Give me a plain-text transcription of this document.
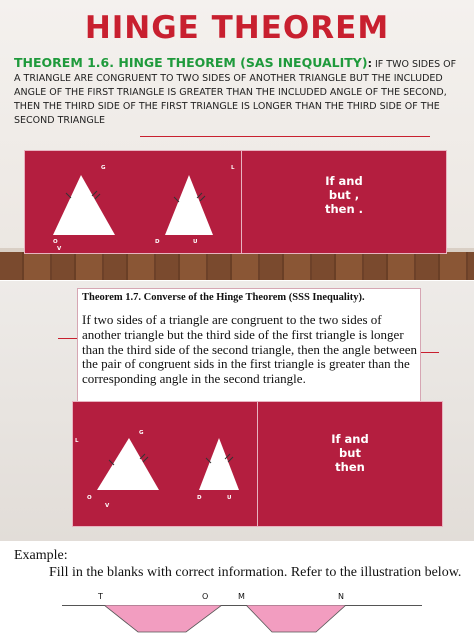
HINGE THEOREM
THEOREM 1.6. HINGE THEOREM (SAS INEQUALITY): IF TWO SIDES OF A TRIANGLE ARE CONGRUENT TO TWO SIDES OF ANOTHER TRIANGLE BUT THE INCLUDED ANGLE OF THE FIRST TRIANGLE IS GREATER THAN THE INCLUDED ANGLE OF THE SECOND, THEN THE THIRD SIDE OF THE FIRST TRIANGLE IS LONGER THAN THE THIRD SIDE OF THE SECOND TRIANGLE
G	L
O
V
D	U
If and
but ,
then .
Theorem 1.7. Converse of the Hinge Theorem (SSS Inequality).
If two sides of a triangle are congruent to the two sides of another triangle but the third side of the first triangle is longer than the third side of the second triangle, then the angle between the pair of congruent sids in the first triangle is greater than the corresponding angle in the second triangle.
G
L
O
V
D	U
If and
but
then
Example:
Fill in the blanks with correct information. Refer to the illustration below.
T	O	M	N
